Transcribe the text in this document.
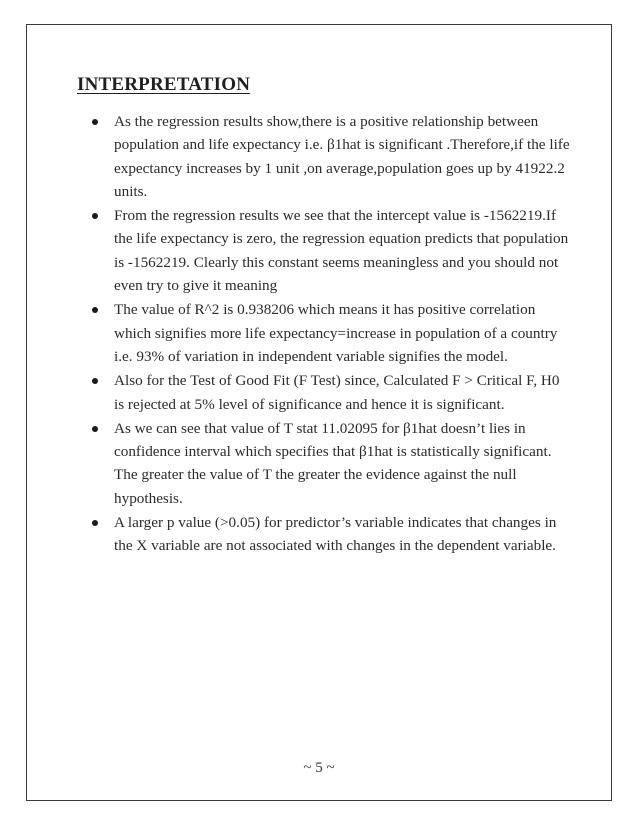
INTERPRETATION
As the regression results show,there is a positive relationship between population and life expectancy i.e. β1hat is significant .Therefore,if the life expectancy increases by 1 unit ,on average,population goes up by 41922.2 units.
From the regression results we see that the intercept value is -1562219.If the life expectancy is zero, the regression equation predicts that population is -1562219. Clearly this constant seems meaningless and you should not even try to give it meaning
The value of R^2 is 0.938206 which means it has positive correlation which signifies more life expectancy=increase in population of a country i.e. 93% of variation in independent variable signifies the model.
Also for the Test of Good Fit (F Test) since, Calculated F > Critical F, H0 is rejected at 5% level of significance and hence it is significant.
As we can see that value of T stat 11.02095 for β1hat doesn’t lies in confidence interval which specifies that β1hat is statistically significant. The greater the value of T the greater the evidence against the null hypothesis.
A larger p value (>0.05) for predictor’s variable indicates that changes in the X variable are not associated with changes in the dependent variable.
~ 5 ~
